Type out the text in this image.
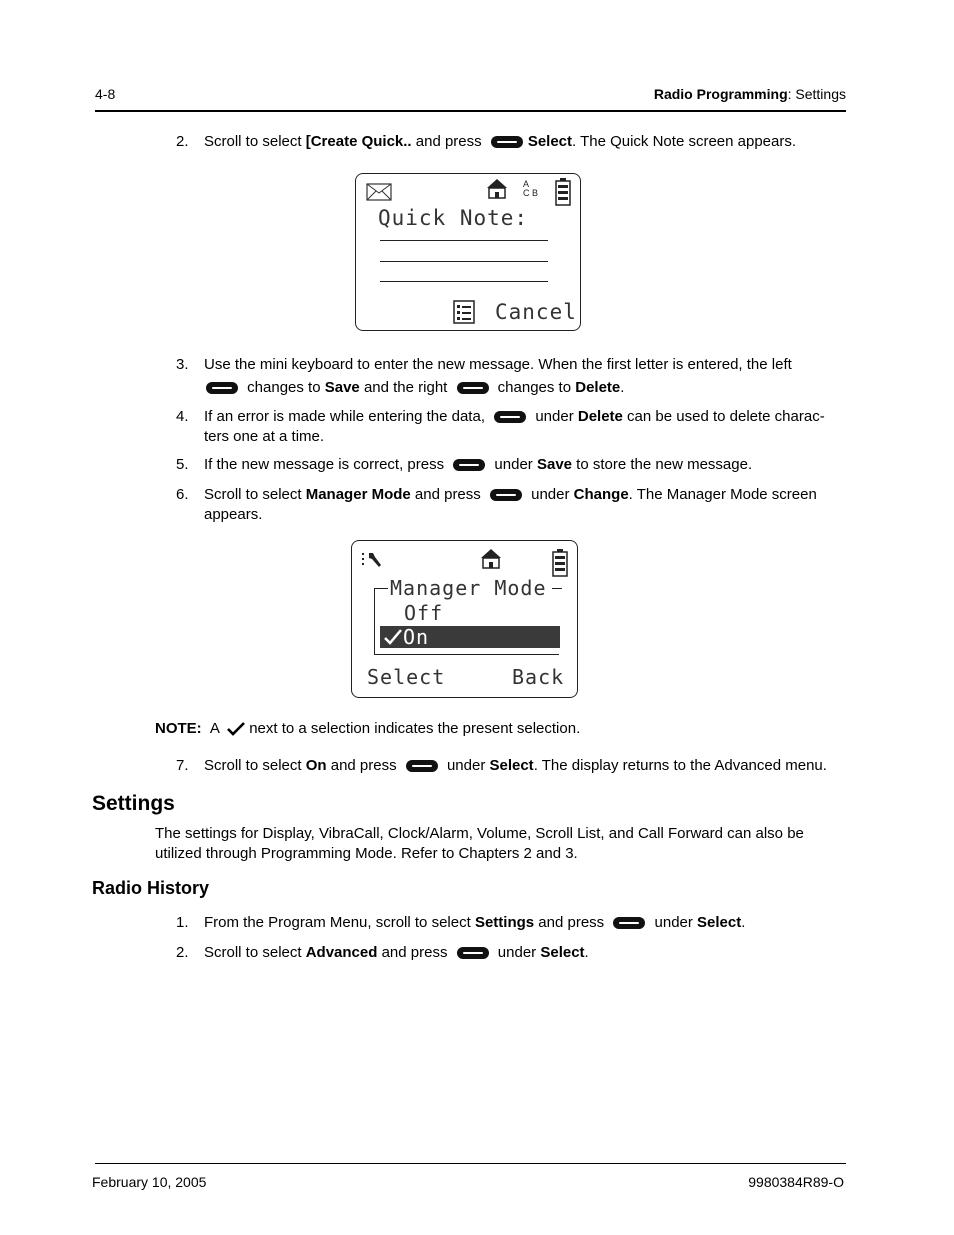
4-8	Radio Programming: Settings
2. Scroll to select [Create Quick.. and press	Select. The Quick Note screen appears.
A
C B
Quick Note:
Cancel
3. Use the mini keyboard to enter the new message. When the first letter is entered, the left
changes to Save and the right	changes to Delete.
4. If an error is made while entering the data,	under Delete can be used to delete charac-
ters one at a time.
5. If the new message is correct, press	under Save to store the new message.
6. Scroll to select Manager Mode and press	under Change. The Manager Mode screen
appears.
Manager Mode
Off
On
Select	Back
NOTE: A next to a selection indicates the present selection.
7. Scroll to select On and press	under Select. The display returns to the Advanced menu.
Settings
The settings for Display, VibraCall, Clock/Alarm, Volume, Scroll List, and Call Forward can also be
utilized through Programming Mode. Refer to Chapters 2 and 3.
Radio History
1. From the Program Menu, scroll to select Settings and press	under Select.
2. Scroll to select Advanced and press	under Select.
February 10, 2005	9980384R89-O
